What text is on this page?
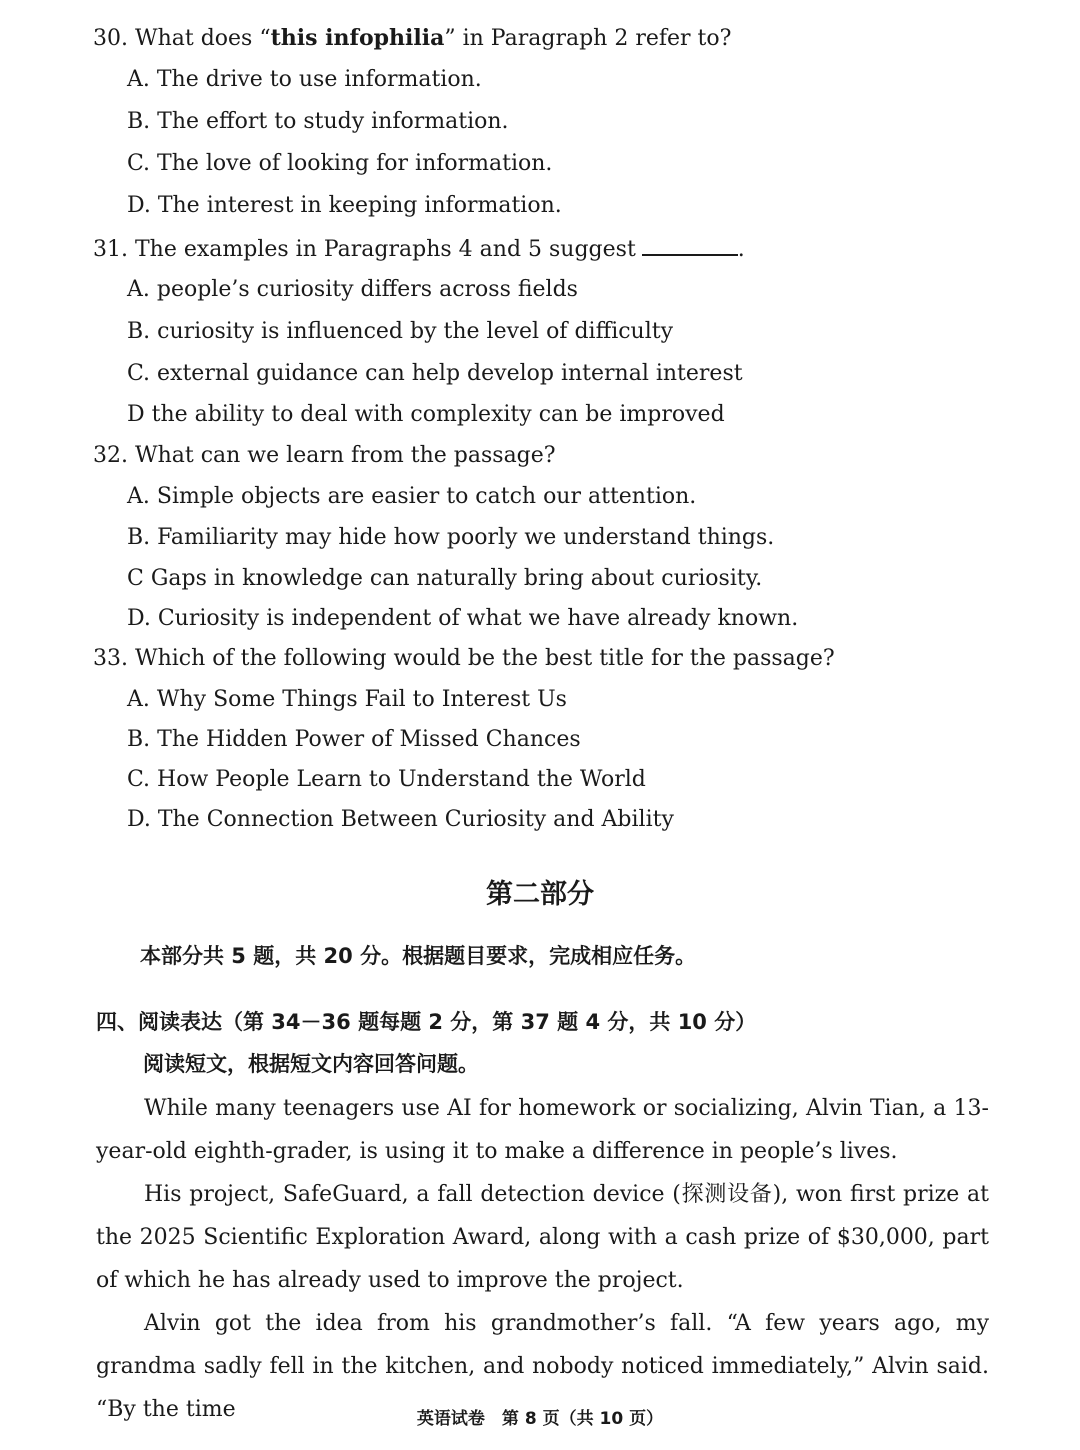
30. What does “this infophilia” in Paragraph 2 refer to?
A. The drive to use information.
B. The effort to study information.
C. The love of looking for information.
D. The interest in keeping information.
31. The examples in Paragraphs 4 and 5 suggest	.
A. people’s curiosity differs across fields
B. curiosity is influenced by the level of difficulty
C. external guidance can help develop internal interest
D the ability to deal with complexity can be improved
32. What can we learn from the passage?
A. Simple objects are easier to catch our attention.
B. Familiarity may hide how poorly we understand things.
C Gaps in knowledge can naturally bring about curiosity.
D. Curiosity is independent of what we have already known.
33. Which of the following would be the best title for the passage?
A. Why Some Things Fail to Interest Us
B. The Hidden Power of Missed Chances
C. How People Learn to Understand the World
D. The Connection Between Curiosity and Ability
第二部分
本部分共 5 题，共 20 分。根据题目要求，完成相应任务。
四、阅读表达（第 34－36 题每题 2 分，第 37 题 4 分，共 10 分）
阅读短文，根据短文内容回答问题。
While many teenagers use AI for homework or socializing, Alvin Tian, a 13-year-old eighth-grader, is using it to make a difference in people’s lives.
His project, SafeGuard, a fall detection device (探测设备), won first prize at the 2025 Scientific Exploration Award, along with a cash prize of $30,000, part of which he has already used to improve the project.
Alvin got the idea from his grandmother’s fall. “A few years ago, my grandma sadly fell in the kitchen, and nobody noticed immediately,” Alvin said. “By the time	英语试卷　第 8 页（共 10 页）
